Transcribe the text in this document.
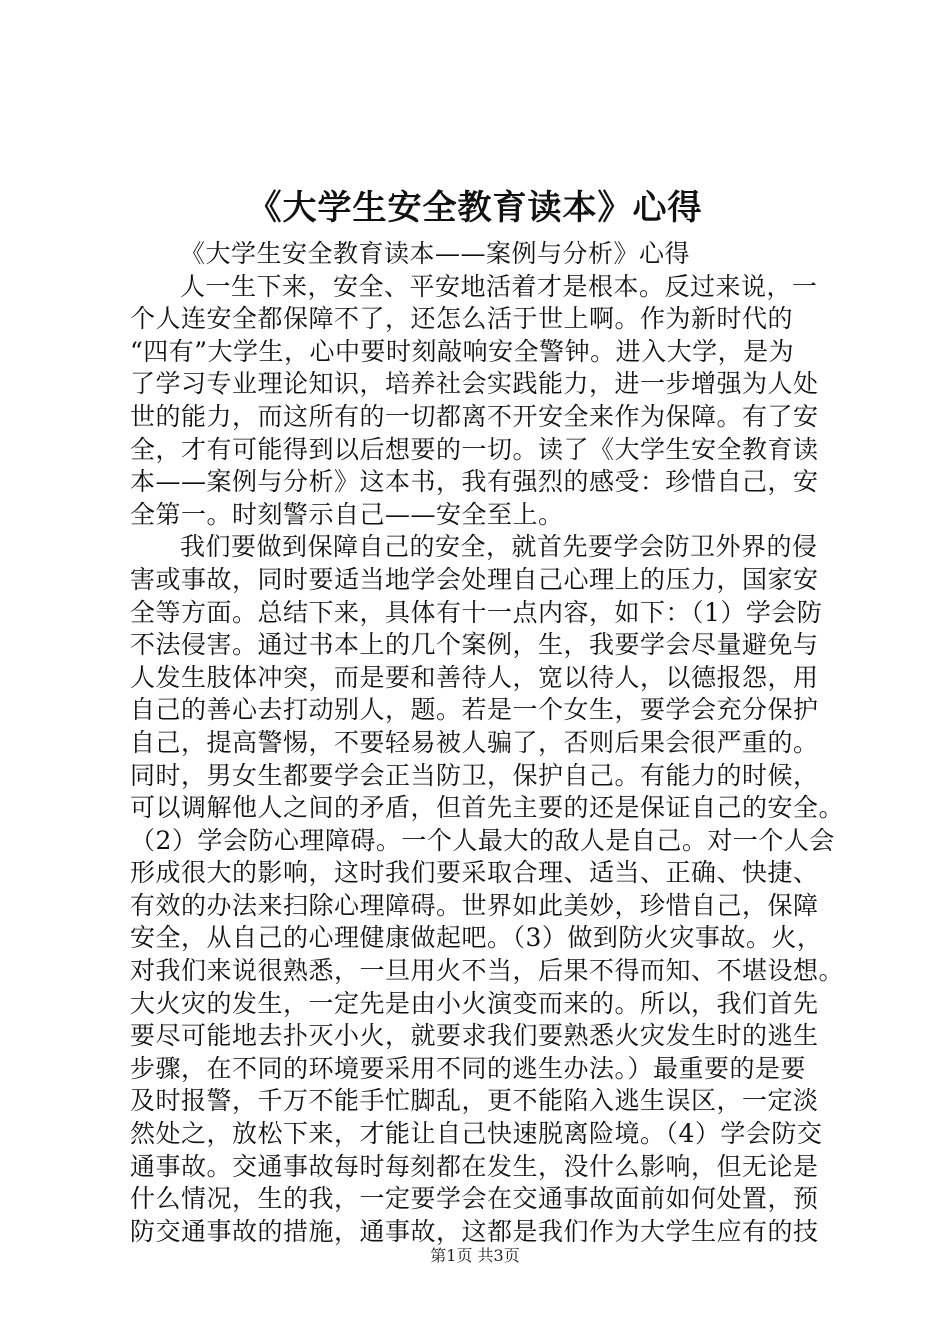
《大学生安全教育读本》心得

《大学生安全教育读本——案例与分析》心得

人一生下来，安全、平安地活着才是根本。反过来说，一

个人连安全都保障不了，还怎么活于世上啊。作为新时代的

“四有”大学生，心中要时刻敲响安全警钟。进入大学，是为

了学习专业理论知识，培养社会实践能力，进一步增强为人处

世的能力，而这所有的一切都离不开安全来作为保障。有了安

全，才有可能得到以后想要的一切。读了《大学生安全教育读

本——案例与分析》这本书，我有强烈的感受：珍惜自己，安

全第一。时刻警示自己——安全至上。

我们要做到保障自己的安全，就首先要学会防卫外界的侵

害或事故，同时要适当地学会处理自己心理上的压力，国家安

全等方面。总结下来，具体有十一点内容，如下：（1）学会防

不法侵害。通过书本上的几个案例，生，我要学会尽量避免与

人发生肢体冲突，而是要和善待人，宽以待人，以德报怨，用

自己的善心去打动别人，题。若是一个女生，要学会充分保护

自己，提高警惕，不要轻易被人骗了，否则后果会很严重的。

同时，男女生都要学会正当防卫，保护自己。有能力的时候，

可以调解他人之间的矛盾，但首先主要的还是保证自己的安全。

（2）学会防心理障碍。一个人最大的敌人是自己。对一个人会

形成很大的影响，这时我们要采取合理、适当、正确、快捷、

有效的办法来扫除心理障碍。世界如此美妙，珍惜自己，保障

安全，从自己的心理健康做起吧。（3）做到防火灾事故。火，

对我们来说很熟悉，一旦用火不当，后果不得而知、不堪设想。

大火灾的发生，一定先是由小火演变而来的。所以，我们首先

要尽可能地去扑灭小火，就要求我们要熟悉火灾发生时的逃生

步骤，在不同的环境要采用不同的逃生办法。）最重要的是要

及时报警，千万不能手忙脚乱，更不能陷入逃生误区，一定淡

然处之，放松下来，才能让自己快速脱离险境。（4）学会防交

通事故。交通事故每时每刻都在发生，没什么影响，但无论是

什么情况，生的我，一定要学会在交通事故面前如何处置，预

防交通事故的措施，通事故，这都是我们作为大学生应有的技

第1页 共3页
